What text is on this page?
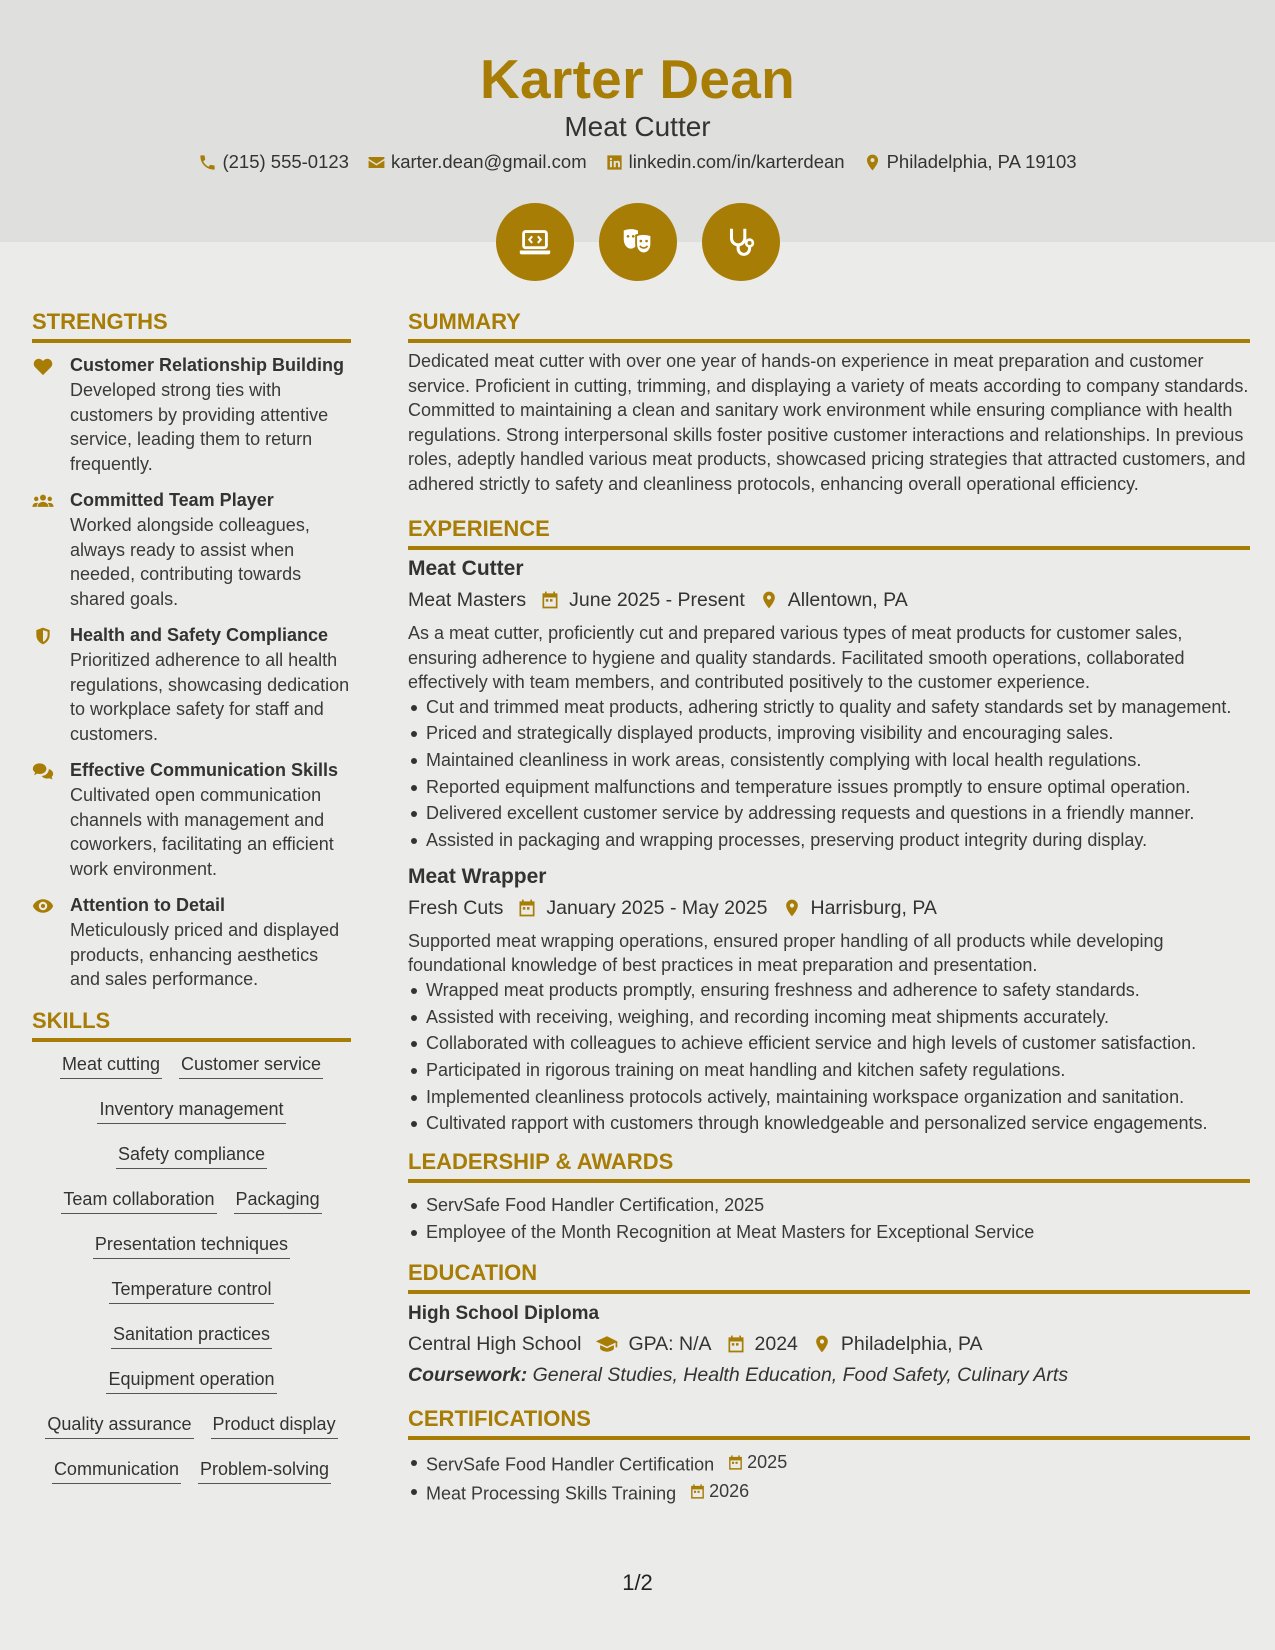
Karter Dean
Meat Cutter
(215) 555-0123 karter.dean@gmail.com linkedin.com/in/karterdean Philadelphia, PA 19103
STRENGTHS
Customer Relationship Building
Developed strong ties with customers by providing attentive service, leading them to return frequently.
Committed Team Player
Worked alongside colleagues, always ready to assist when needed, contributing towards shared goals.
Health and Safety Compliance
Prioritized adherence to all health regulations, showcasing dedication to workplace safety for staff and customers.
Effective Communication Skills
Cultivated open communication channels with management and coworkers, facilitating an efficient work environment.
Attention to Detail
Meticulously priced and displayed products, enhancing aesthetics and sales performance.
SKILLS
Meat cutting Customer service
Inventory management
Safety compliance
Team collaboration Packaging
Presentation techniques
Temperature control
Sanitation practices
Equipment operation
Quality assurance Product display
Communication Problem-solving
SUMMARY
Dedicated meat cutter with over one year of hands-on experience in meat preparation and customer service. Proficient in cutting, trimming, and displaying a variety of meats according to company standards. Committed to maintaining a clean and sanitary work environment while ensuring compliance with health regulations. Strong interpersonal skills foster positive customer interactions and relationships. In previous roles, adeptly handled various meat products, showcased pricing strategies that attracted customers, and adhered strictly to safety and cleanliness protocols, enhancing overall operational efficiency.
EXPERIENCE
Meat Cutter
Meat Masters June 2025 - Present Allentown, PA
As a meat cutter, proficiently cut and prepared various types of meat products for customer sales, ensuring adherence to hygiene and quality standards. Facilitated smooth operations, collaborated effectively with team members, and contributed positively to the customer experience.
Cut and trimmed meat products, adhering strictly to quality and safety standards set by management.
Priced and strategically displayed products, improving visibility and encouraging sales.
Maintained cleanliness in work areas, consistently complying with local health regulations.
Reported equipment malfunctions and temperature issues promptly to ensure optimal operation.
Delivered excellent customer service by addressing requests and questions in a friendly manner.
Assisted in packaging and wrapping processes, preserving product integrity during display.
Meat Wrapper
Fresh Cuts January 2025 - May 2025 Harrisburg, PA
Supported meat wrapping operations, ensured proper handling of all products while developing foundational knowledge of best practices in meat preparation and presentation.
Wrapped meat products promptly, ensuring freshness and adherence to safety standards.
Assisted with receiving, weighing, and recording incoming meat shipments accurately.
Collaborated with colleagues to achieve efficient service and high levels of customer satisfaction.
Participated in rigorous training on meat handling and kitchen safety regulations.
Implemented cleanliness protocols actively, maintaining workspace organization and sanitation.
Cultivated rapport with customers through knowledgeable and personalized service engagements.
LEADERSHIP & AWARDS
ServSafe Food Handler Certification, 2025
Employee of the Month Recognition at Meat Masters for Exceptional Service
EDUCATION
High School Diploma
Central High School GPA: N/A 2024 Philadelphia, PA
Coursework: General Studies, Health Education, Food Safety, Culinary Arts
CERTIFICATIONS
ServSafe Food Handler Certification 2025
Meat Processing Skills Training 2026
1/2
